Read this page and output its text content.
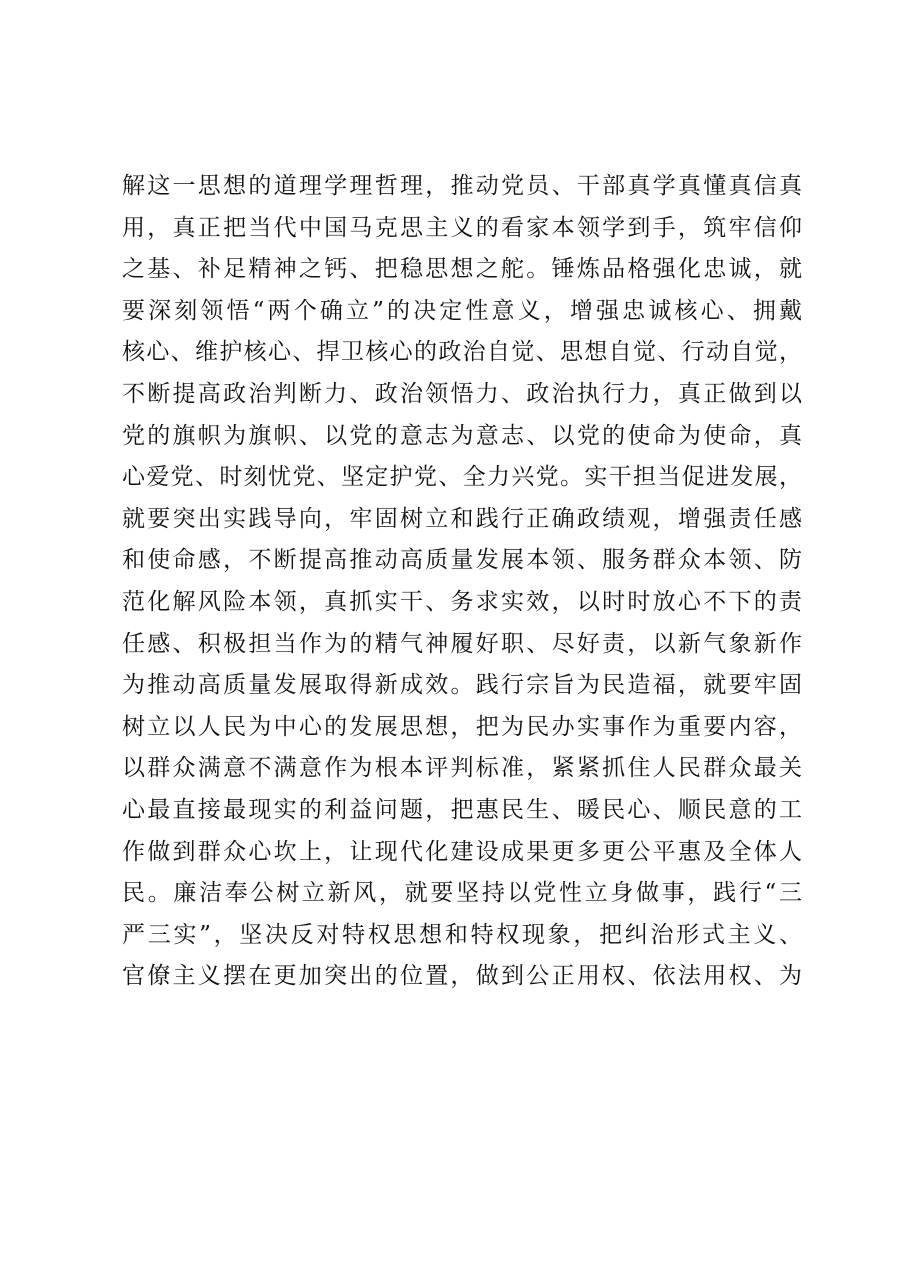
解这一思想的道理学理哲理，推动党员、干部真学真懂真信真
用，真正把当代中国马克思主义的看家本领学到手，筑牢信仰
之基、补足精神之钙、把稳思想之舵。锤炼品格强化忠诚，就
要深刻领悟“两个确立”的决定性意义，增强忠诚核心、拥戴
核心、维护核心、捍卫核心的政治自觉、思想自觉、行动自觉，
不断提高政治判断力、政治领悟力、政治执行力，真正做到以
党的旗帜为旗帜、以党的意志为意志、以党的使命为使命，真
心爱党、时刻忧党、坚定护党、全力兴党。实干担当促进发展，
就要突出实践导向，牢固树立和践行正确政绩观，增强责任感
和使命感，不断提高推动高质量发展本领、服务群众本领、防
范化解风险本领，真抓实干、务求实效，以时时放心不下的责
任感、积极担当作为的精气神履好职、尽好责，以新气象新作
为推动高质量发展取得新成效。践行宗旨为民造福，就要牢固
树立以人民为中心的发展思想，把为民办实事作为重要内容，
以群众满意不满意作为根本评判标准，紧紧抓住人民群众最关
心最直接最现实的利益问题，把惠民生、暖民心、顺民意的工
作做到群众心坎上，让现代化建设成果更多更公平惠及全体人
民。廉洁奉公树立新风，就要坚持以党性立身做事，践行“三
严三实”，坚决反对特权思想和特权现象，把纠治形式主义、
官僚主义摆在更加突出的位置，做到公正用权、依法用权、为
